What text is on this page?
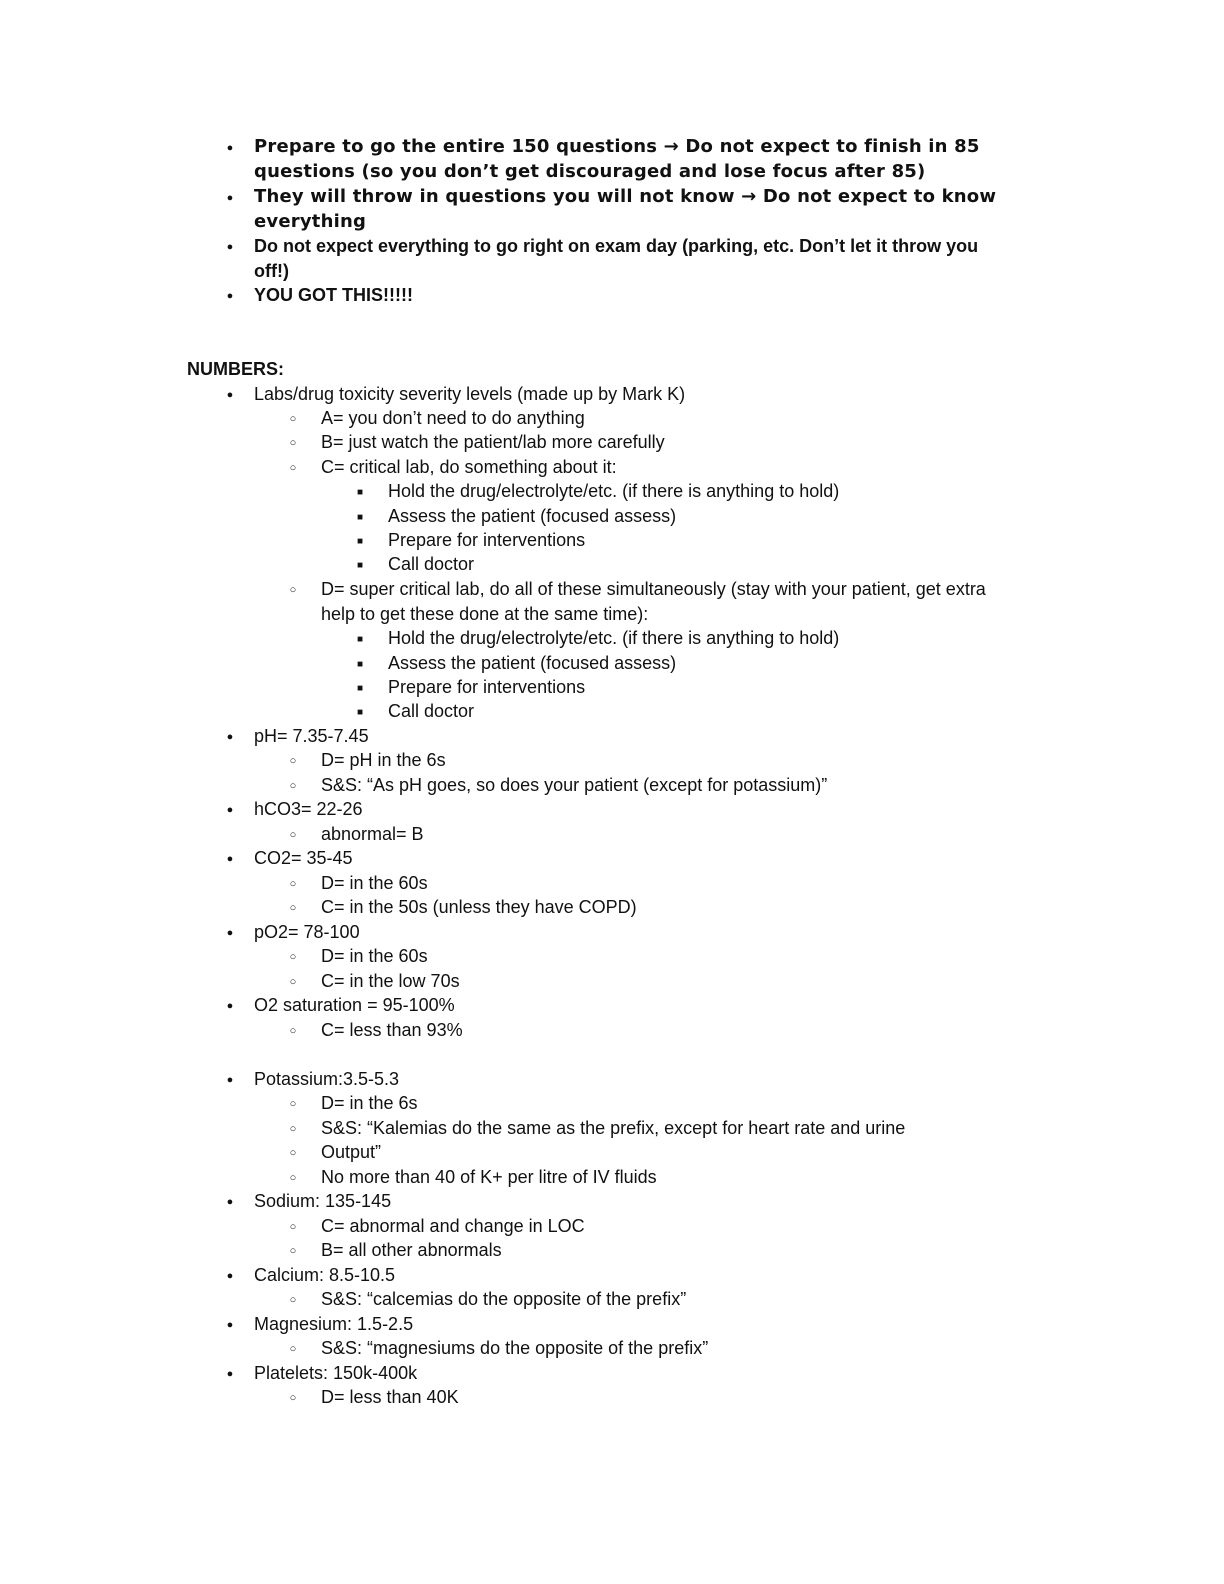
●
Prepare to go the entire 150 questions → Do not expect to finish in 85
questions (so you don’t get discouraged and lose focus after 85)
●
They will throw in questions you will not know → Do not expect to know
everything
●
Do not expect everything to go right on exam day (parking, etc. Don’t let it throw you
off!)
●
YOU GOT THIS!!!!!
NUMBERS:
●
Labs/drug toxicity severity levels (made up by Mark K)
○
A= you don’t need to do anything
○
B= just watch the patient/lab more carefully
○
C= critical lab, do something about it:
■
Hold the drug/electrolyte/etc. (if there is anything to hold)
■
Assess the patient (focused assess)
■
Prepare for interventions
■
Call doctor
○
D= super critical lab, do all of these simultaneously (stay with your patient, get extra
help to get these done at the same time):
■
Hold the drug/electrolyte/etc. (if there is anything to hold)
■
Assess the patient (focused assess)
■
Prepare for interventions
■
Call doctor
●
pH= 7.35-7.45
○
D= pH in the 6s
○
S&S: “As pH goes, so does your patient (except for potassium)”
●
hCO3= 22-26
○
abnormal= B
●
CO2= 35-45
○
D= in the 60s
○
C= in the 50s (unless they have COPD)
●
pO2= 78-100
○
D= in the 60s
○
C= in the low 70s
●
O2 saturation = 95-100%
○
C= less than 93%
●
Potassium:3.5-5.3
○
D= in the 6s
○
S&S: “Kalemias do the same as the prefix, except for heart rate and urine
○
Output”
○
No more than 40 of K+ per litre of IV fluids
●
Sodium: 135-145
○
C= abnormal and change in LOC
○
B= all other abnormals
●
Calcium: 8.5-10.5
○
S&S: “calcemias do the opposite of the prefix”
●
Magnesium: 1.5-2.5
○
S&S: “magnesiums do the opposite of the prefix”
●
Platelets: 150k-400k
○
D= less than 40K
